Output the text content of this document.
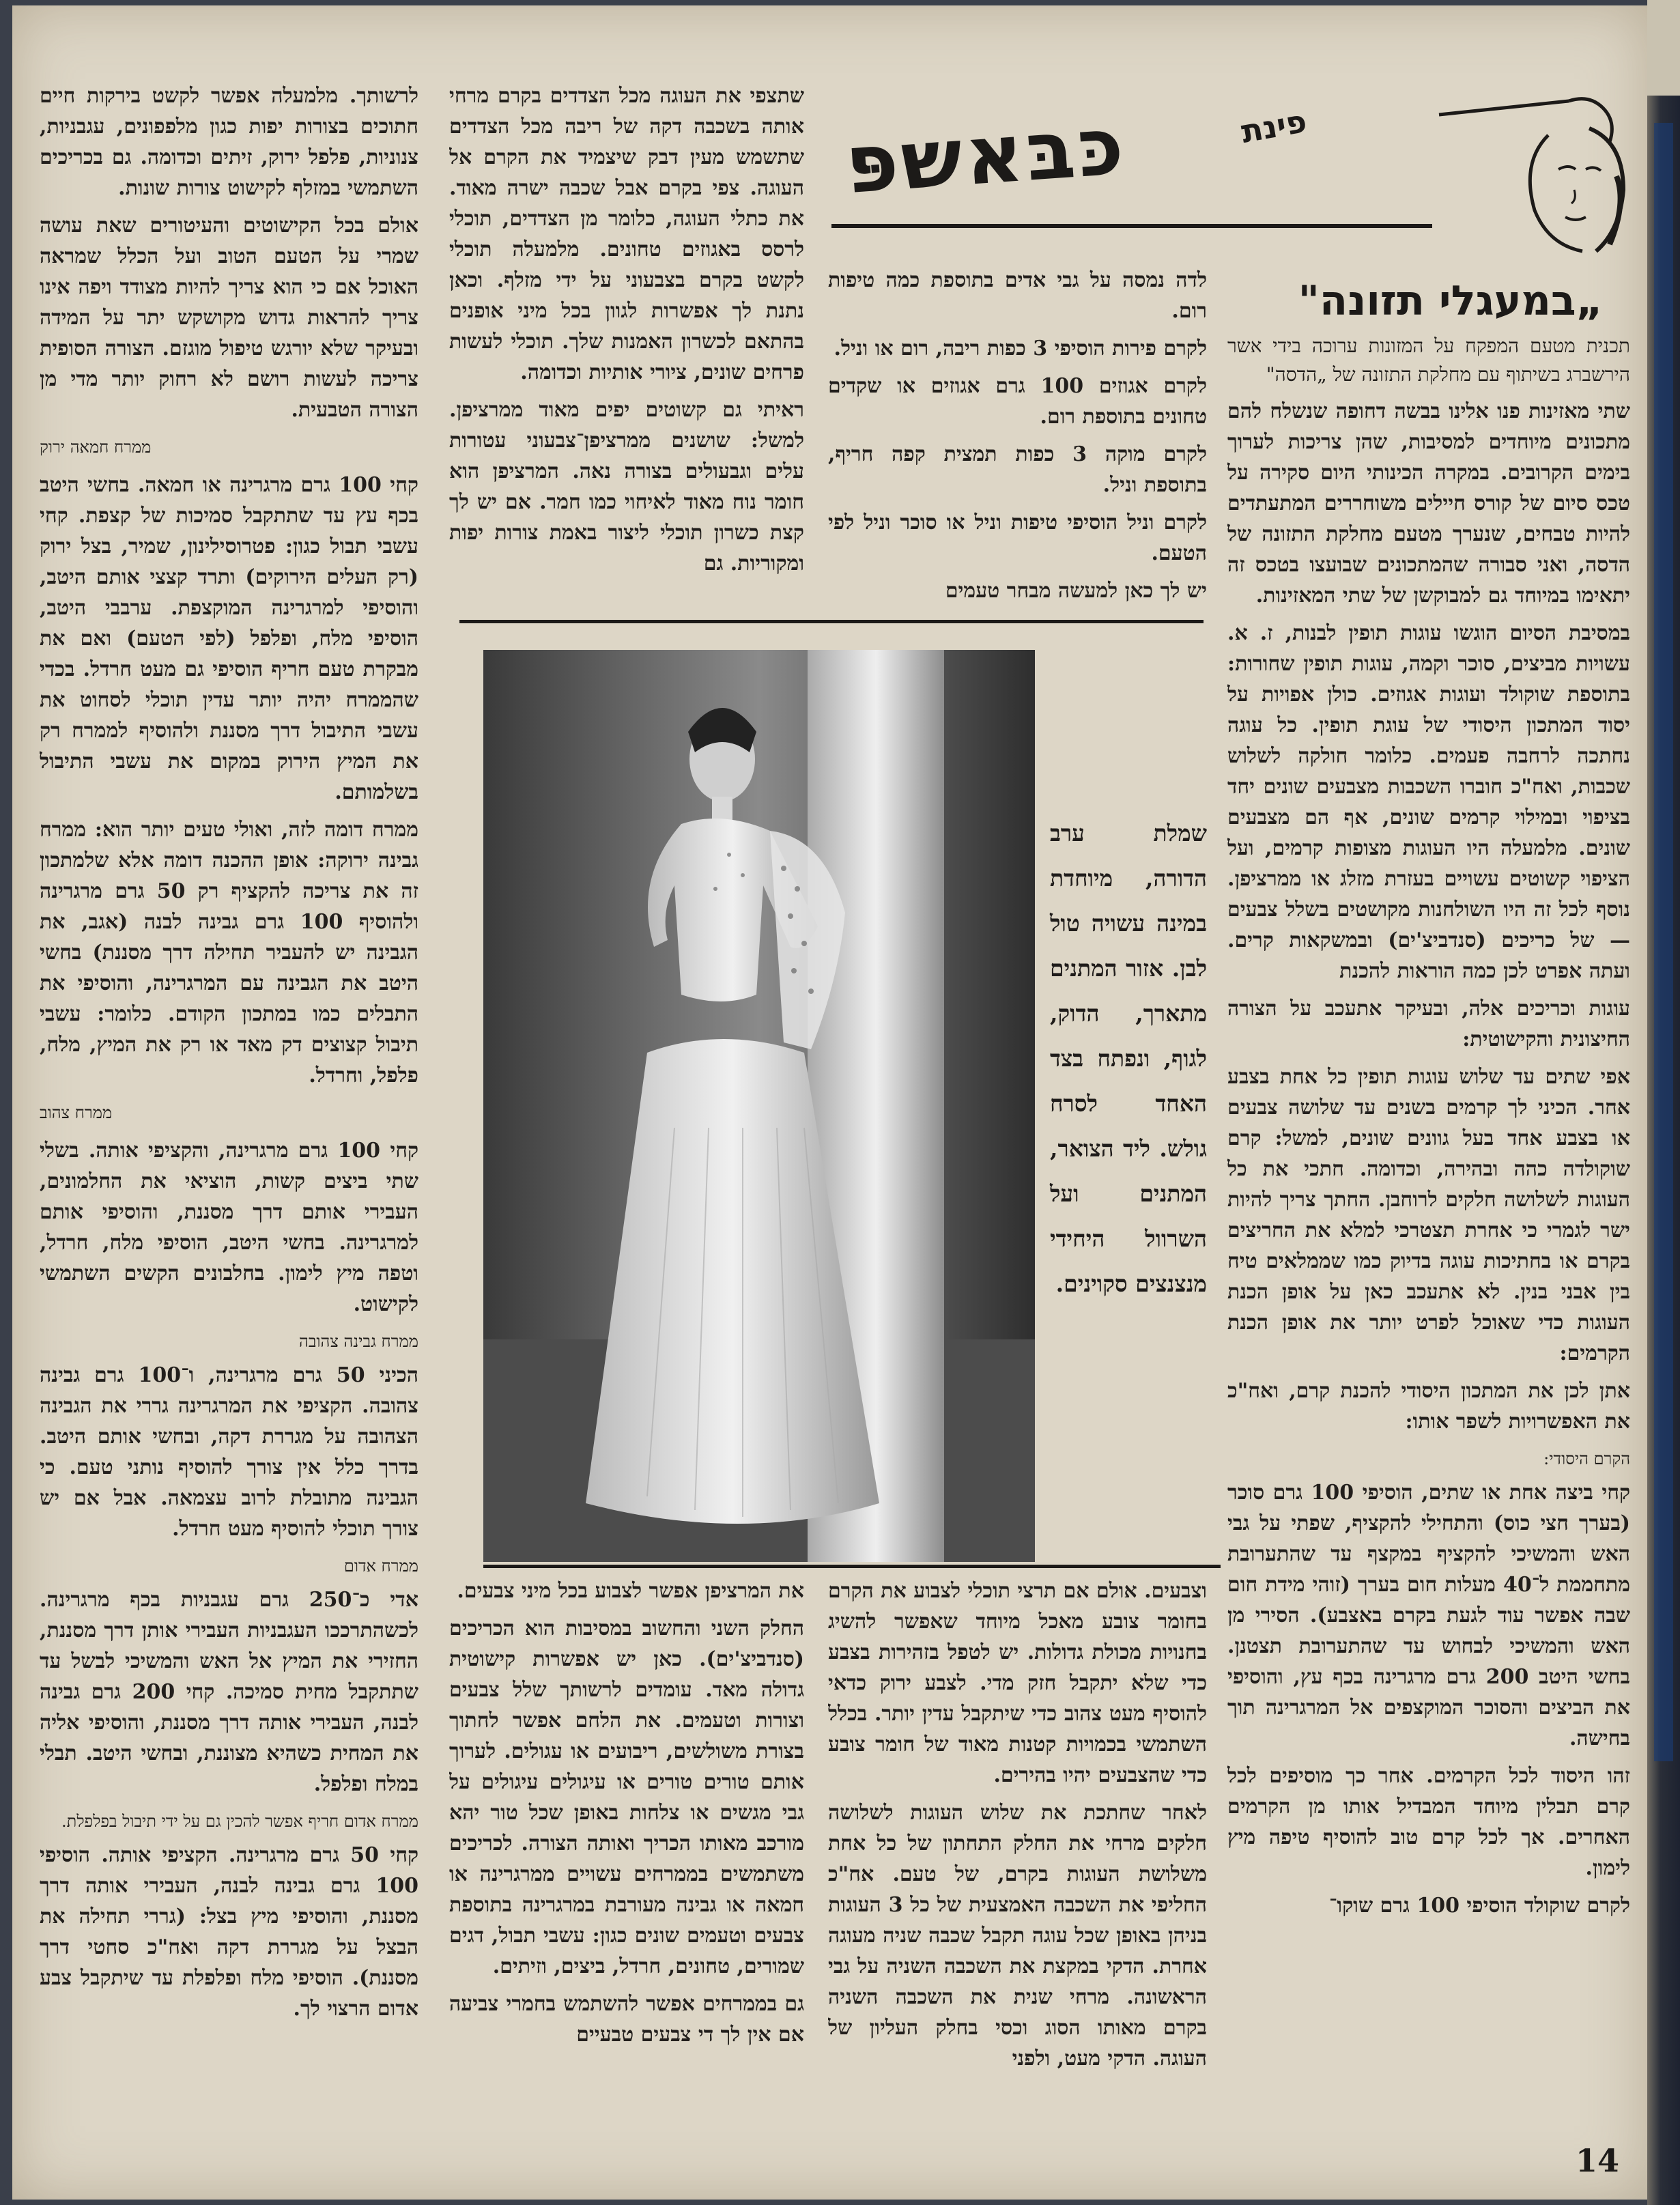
כּבּאשפּ	פינת
„במעגלי תזונה"

תכנית מטעם המפקח על המזונות ערוכה בידי אשר הירשברג בשיתוף עם מחלקת התזונה של „הדסה"

שתי מאזינות פנו אלינו בבשה דחופה שנשלח להם מתכונים מיוחדים למסיבות, שהן צריכות לערוך בימים הקרובים. במקרה הכינותי היום סקירה על טכס סיום של קורס חיילים משוחררים המתעתדים להיות טבחים, שנערך מטעם מחלקת התזונה של הדסה, ואני סבורה שהמתכונים שבועצו בטכס זה יתאימו במיוחד גם למבוקשן של שתי המאזינות.

במסיבת הסיום הוגשו עוגות תופין לבנות, ז. א. עשויות מביצים, סוכר וקמה, עוגות תופין שחורות: בתוספת שוקולד ועוגות אגוזים. כולן אפויות על יסוד המתכון היסודי של עוגת תופין. כל עוגה נחתכה לרחבה פעמים. כלומר חולקה לשלוש שכבות, ואח"כ חוברו השכבות מצבעים שונים יחד בציפוי ובמילוי קרמים שונים, אף הם מצבעים שונים. מלמעלה היו העוגות מצופות קרמים, ועל הציפוי קשוטים עשויים בעזרת מזלג או ממרציפן. נוסף לכל זה היו השולחנות מקושטים בשלל צבעים — של כריכים (סנדביצ'ים) ובמשקאות קרים. ועתה אפרט לכן כמה הוראות להכנת

עוגות וכריכים אלה, ובעיקר אתעכב על הצורה החיצונית והקישוטית:

אפי שתים עד שלוש עוגות תופין כל אחת בצבע אחר. הכיני לך קרמים בשנים עד שלושה צבעים או בצבע אחד בעל גוונים שונים, למשל: קרם שוקולדה כהה ובהירה, וכדומה. חתכי את כל העוגות לשלושה חלקים לרוחבן. החתך צריך להיות ישר לגמרי כי אחרת תצטרכי למלא את החריצים בקרם או בחתיכות עוגה בדיוק כמו שממלאים טיח בין אבני בנין. לא אתעכב כאן על אופן הכנת העוגות כדי שאוכל לפרט יותר את אופן הכנת הקרמים:

אתן לכן את המתכון היסודי להכנת קרם, ואח"כ את האפשרויות לשפר אותו:

הקרם היסודי:

קחי ביצה אחת או שתים, הוסיפי 100 גרם סוכר (בערך חצי כוס) והתחילי להקציף, שפתי על גבי האש והמשיכי להקציף במקצף עד שהתערובת מתחממת ל־40 מעלות חום בערך (זוהי מידת חום שבה אפשר עוד לגעת בקרם באצבע). הסירי מן האש והמשיכי לבחוש עד שהתערובת תצטנן. בחשי היטב 200 גרם מרגרינה בכף עץ, והוסיפי את הביצים והסוכר המוקצפים אל המרגרינה תוך בחישה.

זהו היסוד לכל הקרמים. אחר כך מוסיפים לכל קרם תבלין מיוחד המבדיל אותו מן הקרמים האחרים. אך לכל קרם טוב להוסיף טיפה מיץ לימון.

לקרם שוקולד הוסיפי 100 גרם שוקו־

לדה נמסה על גבי אדים בתוספת כמה טיפות רום.

לקרם פירות הוסיפי 3 כפות ריבה, רום או וניל.

לקרם אגוזים 100 גרם אגוזים או שקדים טחונים בתוספת רום.

לקרם מוקה 3 כפות תמצית קפה חריף, בתוספת וניל.

לקרם וניל הוסיפי טיפות וניל או סוכר וניל לפי הטעם.

יש לך כאן למעשה מבחר טעמים

שתצפי את העוגה מכל הצדדים בקרם מרחי אותה בשכבה דקה של ריבה מכל הצדדים שתשמש מעין דבק שיצמיד את הקרם אל העוגה. צפי בקרם אבל שכבה ישרה מאוד. את כתלי העוגה, כלומר מן הצדדים, תוכלי לרסס באגוזים טחונים. מלמעלה תוכלי לקשט בקרם בצבעוני על ידי מזלף. וכאן נתנת לך אפשרות לגוון בכל מיני אופנים בהתאם לכשרון האמנות שלך. תוכלי לעשות פרחים שונים, ציורי אותיות וכדומה.

ראיתי גם קשוטים יפים מאוד ממרציפן. למשל: שושנים ממרציפן־צבעוני עטורות עלים וגבעולים בצורה נאה. המרציפן הוא חומר נוח מאוד לאיחוי כמו חמר. אם יש לך קצת כשרון תוכלי ליצור באמת צורות יפות ומקוריות. גם

לרשותך. מלמעלה אפשר לקשט בירקות חיים חתוכים בצורות יפות כגון מלפפונים, עגבניות, צנוניות, פלפל ירוק, זיתים וכדומה. גם בכריכים השתמשי במזלף לקישוט צורות שונות.

אולם בכל הקישוטים והעיטורים שאת עושה שמרי על הטעם הטוב ועל הכלל שמראה האוכל אם כי הוא צריך להיות מצודד ויפה אינו צריך להראות גדוש מקושקש יתר על המידה ובעיקר שלא יורגש טיפול מוגזם. הצורה הסופית צריכה לעשות רושם לא רחוק יותר מדי מן הצורה הטבעית.

ממרח חמאה ירוק

קחי 100 גרם מרגרינה או חמאה. בחשי היטב בכף עץ עד שתתקבל סמיכות של קצפת. קחי עשבי תבול כגון: פטרוסילינון, שמיר, בצל ירוק (רק העלים הירוקים) ותרד קצצי אותם היטב, והוסיפי למרגרינה המוקצפת. ערבבי היטב, הוסיפי מלח, ופלפל (לפי הטעם) ואם את מבקרת טעם חריף הוסיפי גם מעט חרדל. בכדי שהממרח יהיה יותר עדין תוכלי לסחוט את עשבי התיבול דרך מסננת ולהוסיף לממרח רק את המיץ הירוק במקום את עשבי התיבול בשלמותם.

ממרח דומה לזה, ואולי טעים יותר הוא: ממרח גבינה ירוקה: אופן ההכנה דומה אלא שלמתכון זה את צריכה להקציף רק 50 גרם מרגרינה ולהוסיף 100 גרם גבינה לבנה (אגב, את הגבינה יש להעביר תחילה דרך מסננת) בחשי היטב את הגבינה עם המרגרינה, והוסיפי את התבלים כמו במתכון הקודם. כלומר: עשבי תיבול קצוצים דק מאד או רק את המיץ, מלח, פלפל, וחרדל.

ממרח צהוב

קחי 100 גרם מרגרינה, והקציפי אותה. בשלי שתי ביצים קשות, הוציאי את החלמונים, העבירי אותם דרך מסננת, והוסיפי אותם למרגרינה. בחשי היטב, הוסיפי מלח, חרדל, וטפה מיץ לימון. בחלבונים הקשים השתמשי לקישוט.

ממרח גבינה צהובה

הכיני 50 גרם מרגרינה, ו־100 גרם גבינה צהובה. הקציפי את המרגרינה גררי את הגבינה הצהובה על מגררת דקה, ובחשי אותם היטב. בדרך כלל אין צורך להוסיף נותני טעם. כי הגבינה מתובלת לרוב עצמאה. אבל אם יש צורך תוכלי להוסיף מעט חרדל.

ממרח אדום

אדי כ־250 גרם עגבניות בכף מרגרינה. לכשהתרככו העגבניות העבירי אותן דרך מסננת, החזירי את המיץ אל האש והמשיכי לבשל עד שתתקבל מחית סמיכה. קחי 200 גרם גבינה לבנה, העבירי אותה דרך מסננת, והוסיפי אליה את המחית כשהיא מצוננת, ובחשי היטב. תבלי במלח ופלפל.

ממרח אדום חריף אפשר להכין גם על ידי תיבול בפלפלת.

קחי 50 גרם מרגרינה. הקציפי אותה. הוסיפי 100 גרם גבינה לבנה, העבירי אותה דרך מסננת, והוסיפי מיץ בצל: (גררי תחילה את הבצל על מגררת דקה ואח"כ סחטי דרך מסננת). הוסיפי מלח ופלפלת עד שיתקבל צבע אדום הרצוי לך.

שמלת ערב הדורה, מיוחדת במינה עשויה טול לבן. אזור המתנים מתארך, הדוק, לגוף, ונפתח בצד האחד לסרח גולש. ליד הצואר, המתנים ועל השרוול היחידי מנצנצים סקוינים.

וצבעים. אולם אם תרצי תוכלי לצבוע את הקרם בחומר צובע מאכל מיוחד שאפשר להשיג בחנויות מכולת גדולות. יש לטפל בזהירות בצבע כדי שלא יתקבל חזק מדי. לצבע ירוק כדאי להוסיף מעט צהוב כדי שיתקבל עדין יותר. בכלל השתמשי בכמויות קטנות מאוד של חומר צובע כדי שהצבעים יהיו בהירים.

לאחר שחתכת את שלוש העוגות לשלושה חלקים מרחי את החלק התחתון של כל אחת משלושת העוגות בקרם, של טעם. אח"כ החליפי את השכבה האמצעית של כל 3 העוגות בניהן באופן שכל עוגה תקבל שכבה שניה מעוגה אחרת. הדקי במקצת את השכבה השניה על גבי הראשונה. מרחי שנית את השכבה השניה בקרם מאותו הסוג וכסי בחלק העליון של העוגה. הדקי מעט, ולפני

את המרציפן אפשר לצבוע בכל מיני צבעים.

החלק השני והחשוב במסיבות הוא הכריכים (סנדביצ'ים). כאן יש אפשרות קישוטית גדולה מאד. עומדים לרשותך שלל צבעים וצורות וטעמים. את הלחם אפשר לחתוך בצורת משולשים, ריבועים או עגולים. לערוך אותם טורים טורים או עיגולים עיגולים על גבי מגשים או צלחות באופן שכל טור יהא מורכב מאותו הכריך ואותה הצורה. לכריכים משתמשים בממרחים עשויים ממרגרינה או חמאה או גבינה מעורבת במרגרינה בתוספת צבעים וטעמים שונים כגון: עשבי תבול, דגים שמורים, טחונים, חרדל, ביצים, וזיתים.

גם בממרחים אפשר להשתמש בחמרי צביעה אם אין לך די צבעים טבעיים

14
